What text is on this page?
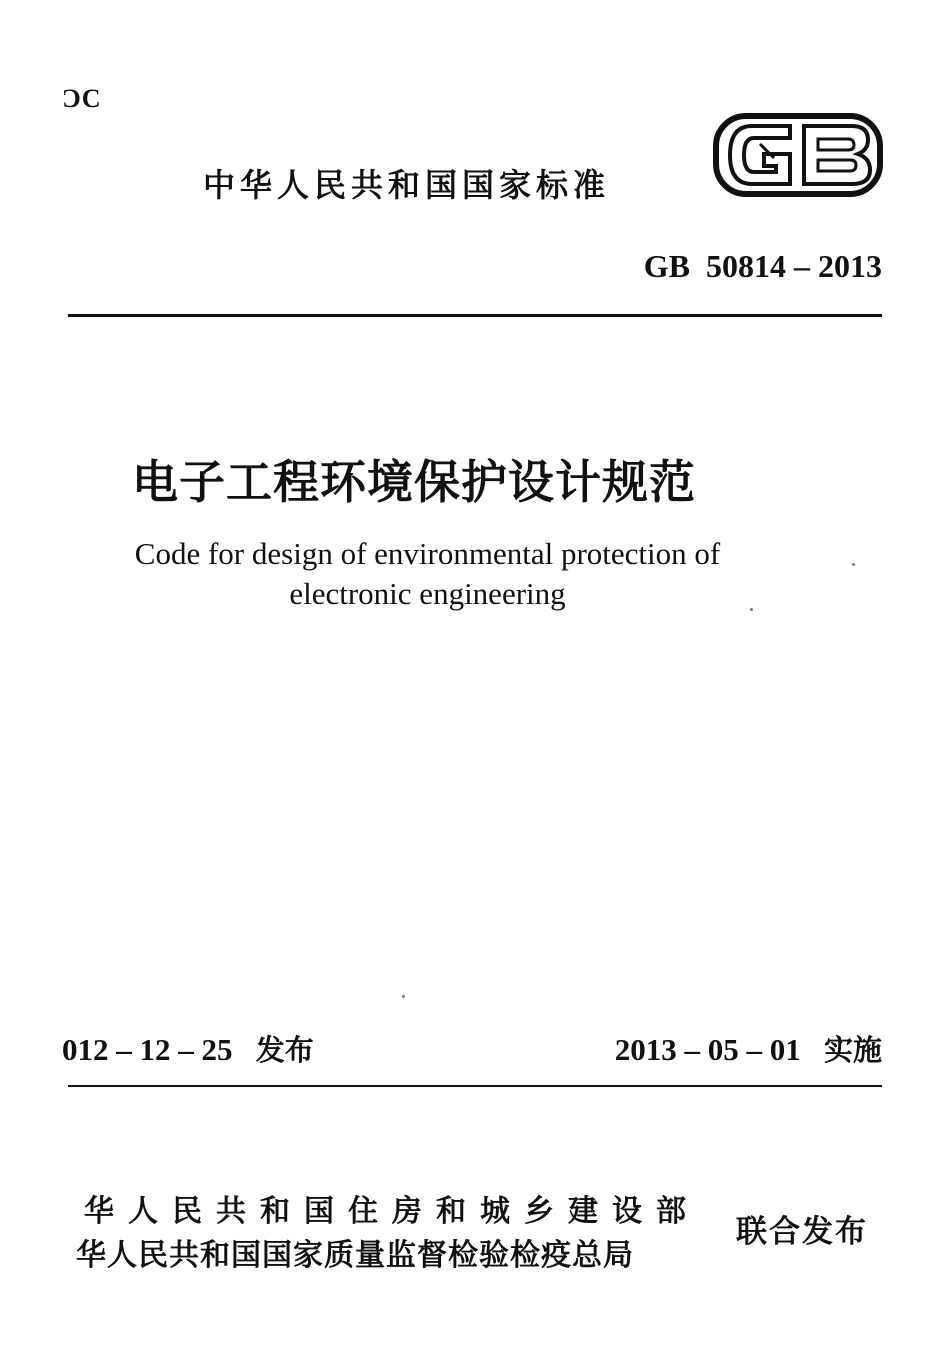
ƆC
中华人民共和国国家标准
GB  50814 – 2013
电子工程环境保护设计规范
Code for design of environmental protection of
electronic engineering
012 – 12 – 25 发布	2013 – 05 – 01 实施
华人民共和国住房和城乡建设部
华人民共和国国家质量监督检验检疫总局
联合发布
